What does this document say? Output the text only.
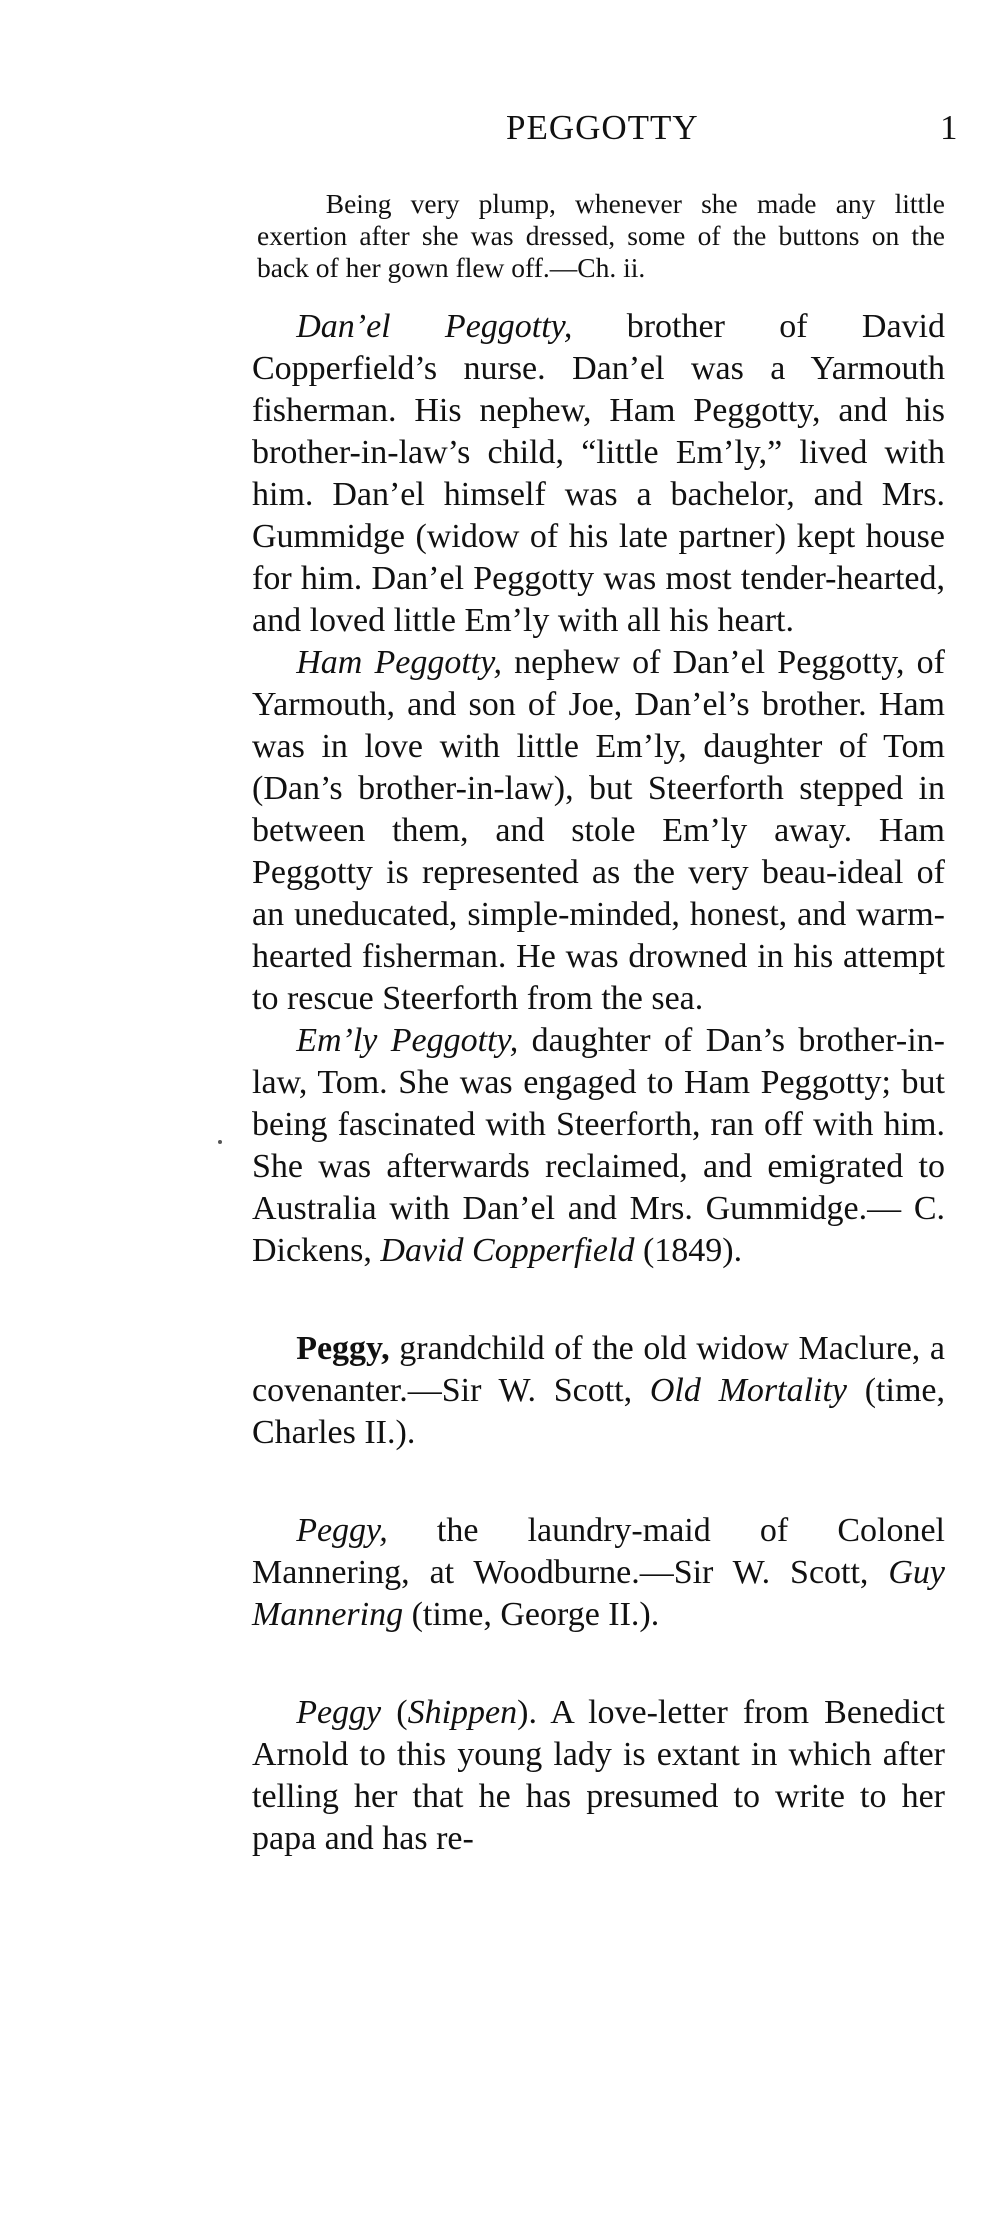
PEGGOTTY	1

Being very plump, whenever she made any little exertion after she was dressed, some of the buttons on the back of her gown flew off.—Ch. ii.

Dan’el Peggotty, brother of David Copperfield’s nurse. Dan’el was a Yarmouth fisherman. His nephew, Ham Peggotty, and his brother-in-law’s child, “little Em’ly,” lived with him. Dan’el himself was a bachelor, and Mrs. Gummidge (widow of his late partner) kept house for him. Dan’el Peggotty was most tender-hearted, and loved little Em’ly with all his heart.

Ham Peggotty, nephew of Dan’el Peggotty, of Yarmouth, and son of Joe, Dan’el’s brother. Ham was in love with little Em’ly, daughter of Tom (Dan’s brother-in-law), but Steerforth stepped in between them, and stole Em’ly away. Ham Peggotty is represented as the very beau-ideal of an uneducated, simple-minded, honest, and warm-hearted fisherman. He was drowned in his attempt to rescue Steerforth from the sea.

Em’ly Peggotty, daughter of Dan’s brother-in-law, Tom. She was engaged to Ham Peggotty; but being fascinated with Steerforth, ran off with him. She was afterwards reclaimed, and emigrated to Australia with Dan’el and Mrs. Gummidge.— C. Dickens, David Copperfield (1849).

Peggy, grandchild of the old widow Maclure, a covenanter.—Sir W. Scott, Old Mortality (time, Charles II.).

Peggy, the laundry-maid of Colonel Mannering, at Woodburne.—Sir W. Scott, Guy Mannering (time, George II.).

Peggy (Shippen). A love-letter from Benedict Arnold to this young lady is extant in which after telling her that he has presumed to write to her papa and has re-
